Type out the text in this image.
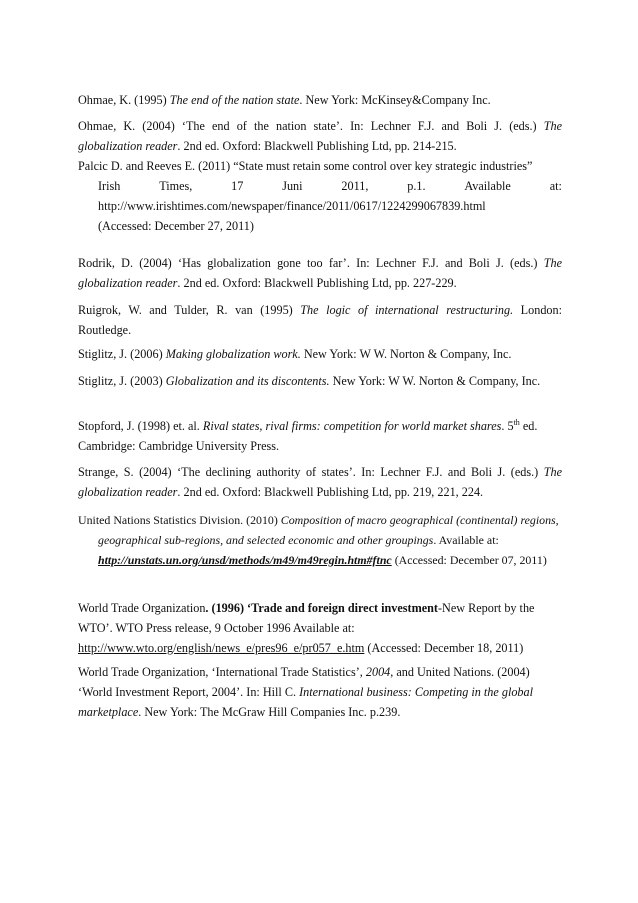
Ohmae, K. (1995) The end of the nation state. New York: McKinsey&Company Inc.

Ohmae, K. (2004) ‘The end of the nation state’. In: Lechner F.J. and Boli J. (eds.) The globalization reader. 2nd ed. Oxford: Blackwell Publishing Ltd, pp. 214-215.

Palcic D. and Reeves E. (2011) “State must retain some control over key strategic industries”
Irish	Times,	17	Juni	2011,	p.1.	Available	at:
http://www.irishtimes.com/newspaper/finance/2011/0617/1224299067839.html
(Accessed: December 27, 2011)

Rodrik, D. (2004) ‘Has globalization gone too far’. In: Lechner F.J. and Boli J. (eds.) The globalization reader. 2nd ed. Oxford: Blackwell Publishing Ltd, pp. 227-229.

Ruigrok, W. and Tulder, R. van (1995) The logic of international restructuring. London: Routledge.

Stiglitz, J. (2006) Making globalization work. New York: W W. Norton & Company, Inc.

Stiglitz, J. (2003) Globalization and its discontents. New York: W W. Norton & Company, Inc.

Stopford, J. (1998) et. al. Rival states, rival firms: competition for world market shares. 5th ed. Cambridge: Cambridge University Press.

Strange, S. (2004) ‘The declining authority of states’. In: Lechner F.J. and Boli J. (eds.) The globalization reader. 2nd ed. Oxford: Blackwell Publishing Ltd, pp. 219, 221, 224.

United Nations Statistics Division. (2010) Composition of macro geographical (continental) regions, geographical sub-regions, and selected economic and other groupings. Available at: http://unstats.un.org/unsd/methods/m49/m49regin.htm#ftnc (Accessed: December 07, 2011)

World Trade Organization. (1996) ‘Trade and foreign direct investment-New Report by the WTO’. WTO Press release, 9 October 1996 Available at: http://www.wto.org/english/news_e/pres96_e/pr057_e.htm (Accessed: December 18, 2011)

World Trade Organization, ‘International Trade Statistics’, 2004, and United Nations. (2004) ‘World Investment Report, 2004’. In: Hill C. International business: Competing in the global marketplace. New York: The McGraw Hill Companies Inc. p.239.
